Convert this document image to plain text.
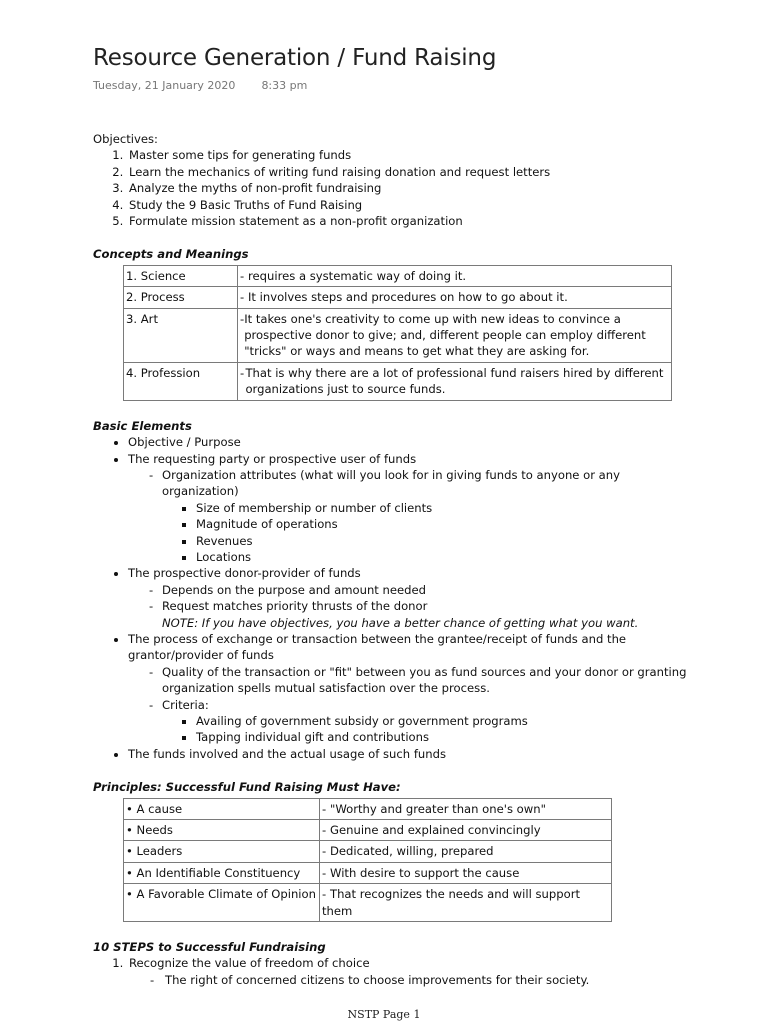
Resource Generation / Fund Raising
Tuesday, 21 January 2020 8:33 pm
Objectives:
1. Master some tips for generating funds
2. Learn the mechanics of writing fund raising donation and request letters
3. Analyze the myths of non-profit fundraising
4. Study the 9 Basic Truths of Fund Raising
5. Formulate mission statement as a non-profit organization
Concepts and Meanings
1. Science	- requires a systematic way of doing it.
2. Process	- It involves steps and procedures on how to go about it.
3. Art	- It takes one's creativity to come up with new ideas to convince a prospective donor to give; and, different people can employ different "tricks" or ways and means to get what they are asking for.

4. Profession	- That is why there are a lot of professional fund raisers hired by different organizations just to source funds.
Basic Elements
• Objective / Purpose
• The requesting party or prospective user of funds
- Organization attributes (what will you look for in giving funds to anyone or any organization)
▪ Size of membership or number of clients
▪ Magnitude of operations
▪ Revenues
▪ Locations
• The prospective donor-provider of funds
- Depends on the purpose and amount needed
- Request matches priority thrusts of the donor
NOTE: If you have objectives, you have a better chance of getting what you want.
• The process of exchange or transaction between the grantee/receipt of funds and the grantor/provider of funds
- Quality of the transaction or "fit" between you as fund sources and your donor or granting organization spells mutual satisfaction over the process.
- Criteria:
▪ Availing of government subsidy or government programs
▪ Tapping individual gift and contributions
• The funds involved and the actual usage of such funds
Principles: Successful Fund Raising Must Have:
• A cause	- "Worthy and greater than one's own"
• Needs	- Genuine and explained convincingly
• Leaders	- Dedicated, willing, prepared
• An Identifiable Constituency	- With desire to support the cause
• A Favorable Climate of Opinion	- That recognizes the needs and will support them
10 STEPS to Successful Fundraising
1. Recognize the value of freedom of choice
- The right of concerned citizens to choose improvements for their society.
NSTP Page 1
